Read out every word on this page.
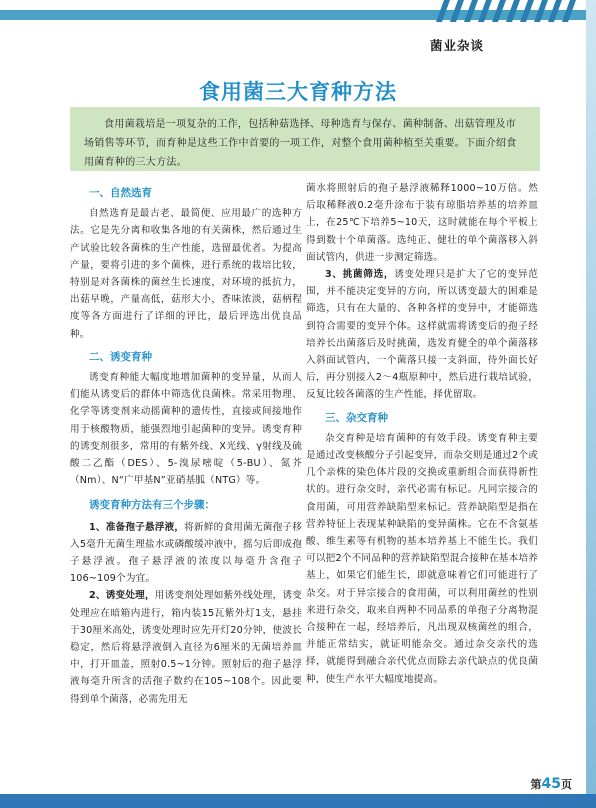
菌业杂谈
食用菌三大育种方法
食用菌栽培是一项复杂的工作，包括种菇选择、母种选育与保存、菌种制备、出菇管理及市场销售等环节，而育种是这些工作中首要的一项工作，对整个食用菌种植至关重要。下面介绍食用菌育种的三大方法。
一、自然选育

自然选育是最古老、最简便、应用最广的选种方法。它是先分离和收集各地的有关菌株，然后通过生产试验比较各菌株的生产性能，选留最优者。为提高产量，要将引进的多个菌株，进行系统的栽培比较，特别是对各菌株的菌丝生长速度，对环境的抵抗力，出菇早晚，产量高低，菇形大小，香味浓淡，菇柄程度等各方面进行了详细的评比，最后评选出优良品种。

二、诱变育种

诱变育种能大幅度地增加菌种的变异量，从而人们能从诱变后的群体中筛选优良菌株。常采用物理、化学等诱变剂来动摇菌种的遗传性，直接或间接地作用于核酸物质，能强烈地引起菌种的变异。诱变育种的诱变剂很多，常用的有紫外线、X光线、γ射线及硫酸二乙酯（DES）、5-溴尿嘧啶（5-BU）、氮芥（Nm）、N“广甲基N”亚硝基胍（NTG）等。

诱变育种方法有三个步骤：

1、准备孢子悬浮液，将新鲜的食用菌无菌孢子移入5毫升无菌生理盐水或磷酸缓冲液中，摇匀后即成孢子悬浮液。孢子悬浮液的浓度以每毫升含孢子106~109个为宜。

2、诱变处理，用诱变剂处理如紫外线处理，诱变处理应在暗箱内进行，箱内装15瓦紫外灯1支，悬挂于30厘米高处，诱变处理时应先开灯20分钟，使波长稳定，然后将悬浮液倒入直径为6厘米的无菌培养皿中，打开皿盖，照射0.5~1分钟。照射后的孢子悬浮液每毫升所含的活孢子数约在105~108个。因此要得到单个菌落，必需先用无

菌水将照射后的孢子悬浮液稀释1000~10万倍。然后取稀释液0.2毫升涂布于装有琼脂培养基的培养皿上，在25℃下培养5~10天，这时就能在每个平板上得到数十个单菌落。选纯正、健壮的单个菌落移入斜面试管内，供进一步测定筛选。

3、挑菌筛选，诱变处理只是扩大了它的变异范围，并不能决定变异的方向，所以诱变最大的困难是筛选，只有在大量的、各种各样的变异中，才能筛选到符合需要的变异个体。这样就需将诱变后的孢子经培养长出菌落后及时挑菌，选发育健全的单个菌落移入斜面试管内，一个菌落只接一支斜面，待外面长好后，再分别接入2～4瓶原种中，然后进行栽培试验，反复比较各菌落的生产性能，择优留取。

三、杂交育种

杂交育种是培育菌种的有效手段。诱变育种主要是通过改变核酸分子引起变异，而杂交则是通过2个或几个亲株的染色体片段的交换或重新组合而获得新性状的。进行杂交时，亲代必需有标记。凡同宗接合的食用菌，可用营养缺陷型来标记。营养缺陷型是指在营养特征上表现某种缺陷的变异菌株。它在不含氨基酸、维生素等有机物的基本培养基上不能生长。我们可以把2个不同品种的营养缺陷型混合接种在基本培养基上，如果它们能生长，即就意味着它们可能进行了杂交。对于异宗接合的食用菌，可以利用菌丝的性别来进行杂交，取来自两种不同品系的单孢子分离物混合接种在一起，经培养后，凡出现双核菌丝的组合，并能正常结实，就证明能杂交。通过杂交亲代的选择，就能得到融合亲代优点而除去亲代缺点的优良菌种，使生产水平大幅度地提高。

第45页
